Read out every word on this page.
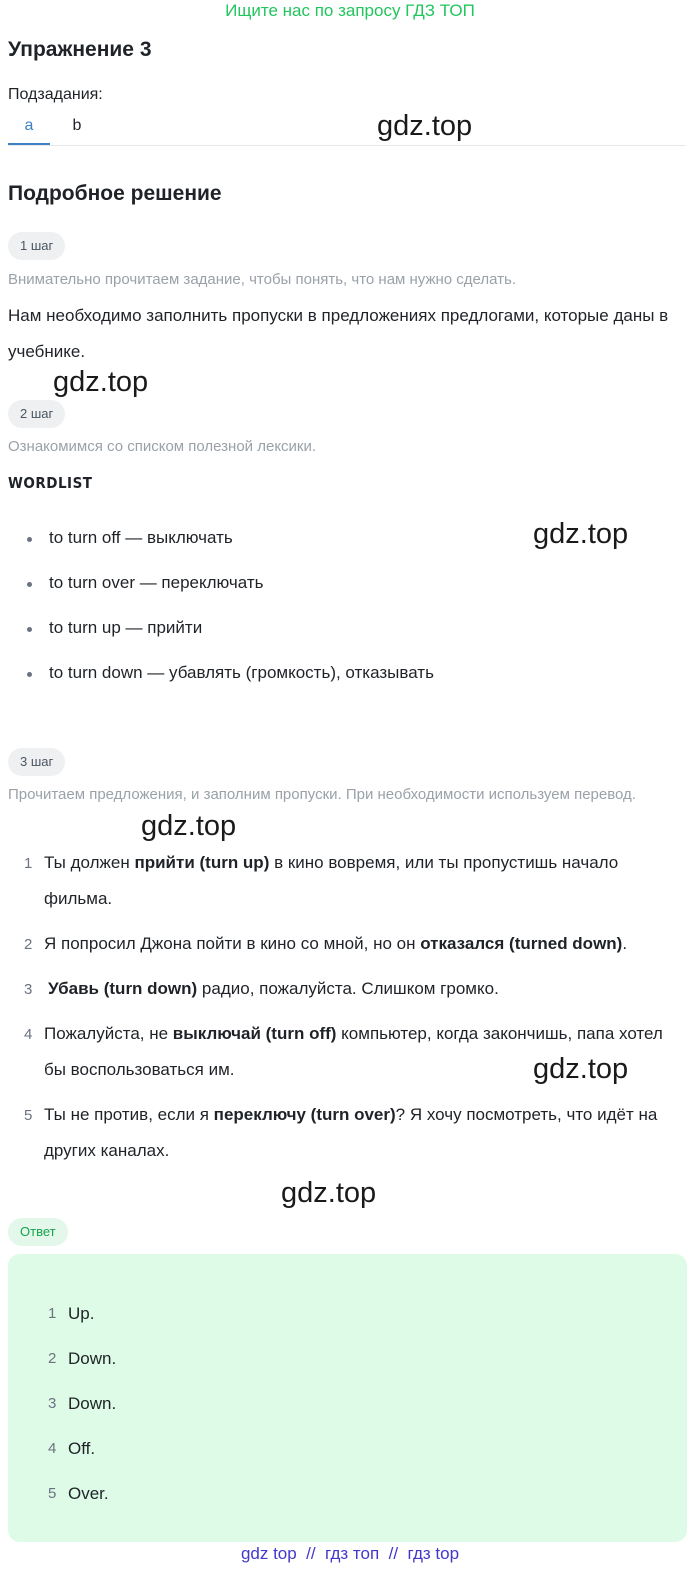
Ищите нас по запросу ГДЗ ТОП
Упражнение 3
Подзадания:
a	b	gdz.top
Подробное решение
1 шаг
Внимательно прочитаем задание, чтобы понять, что нам нужно сделать.
Нам необходимо заполнить пропуски в предложениях предлогами, которые даны в учебнике.
gdz.top
2 шаг
Ознакомимся со списком полезной лексики.
WORDLIST
gdz.top
to turn off — выключать
to turn over — переключать
to turn up — прийти
to turn down — убавлять (громкость), отказывать
3 шаг
Прочитаем предложения, и заполним пропуски. При необходимости используем перевод.
gdz.top
1 Ты должен прийти (turn up) в кино вовремя, или ты пропустишь начало фильма.
2 Я попросил Джона пойти в кино со мной, но он отказался (turned down).
3 Убавь (turn down) радио, пожалуйста. Слишком громко.
4 Пожалуйста, не выключай (turn off) компьютер, когда закончишь, папа хотел бы воспользоваться им.	gdz.top
5 Ты не против, если я переключу (turn over)? Я хочу посмотреть, что идёт на других каналах.
gdz.top
Ответ
1 Up.
2 Down.
3 Down.
4 Off.
5 Over.
gdz top  //  гдз топ  //  гдз top
